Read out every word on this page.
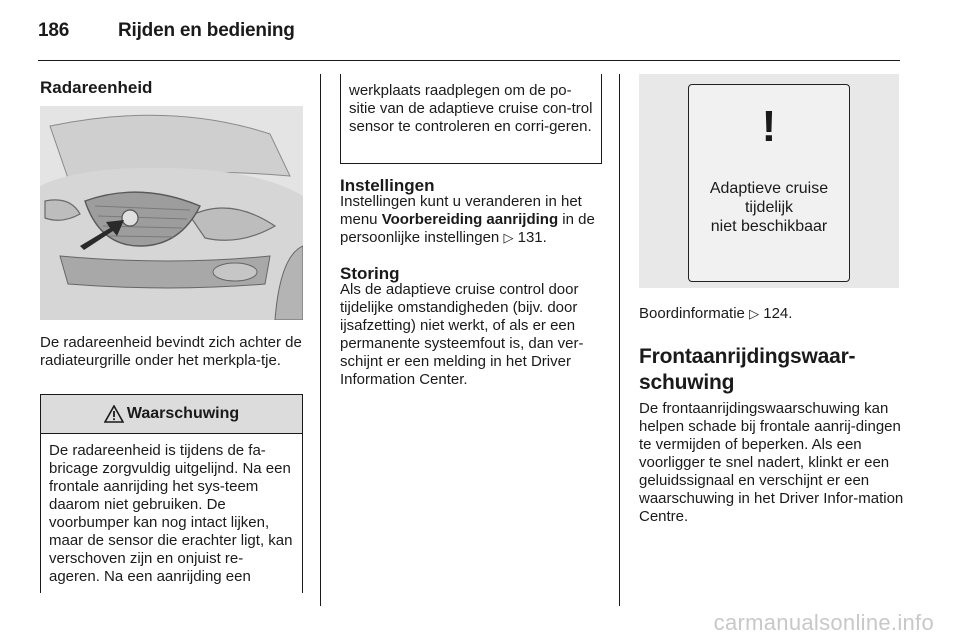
186	Rijden en bediening
Radareenheid
De radareenheid bevindt zich achter de radiateurgrille onder het merkpla-tje.
Waarschuwing
De radareenheid is tijdens de fa-bricage zorgvuldig uitgelijnd. Na een frontale aanrijding het sys-teem daarom niet gebruiken. De voorbumper kan nog intact lijken, maar de sensor die erachter ligt, kan verschoven zijn en onjuist re-ageren. Na een aanrijding een
werkplaats raadplegen om de po-sitie van de adaptieve cruise con-trol sensor te controleren en corri-geren.
Instellingen
Instellingen kunt u veranderen in het menu Voorbereiding aanrijding in de persoonlijke instellingen ▷ 131.
Storing
Als de adaptieve cruise control door tijdelijke omstandigheden (bijv. door ijsafzetting) niet werkt, of als er een permanente systeemfout is, dan ver-schijnt er een melding in het Driver Information Center.
!
Adaptieve cruise
tijdelijk
niet beschikbaar
Boordinformatie ▷ 124.
Frontaanrijdingswaar-
schuwing
De frontaanrijdingswaarschuwing kan helpen schade bij frontale aanrij-dingen te vermijden of beperken. Als een voorligger te snel nadert, klinkt er een geluidssignaal en verschijnt er een waarschuwing in het Driver Infor-mation Centre.
carmanualsonline.info
